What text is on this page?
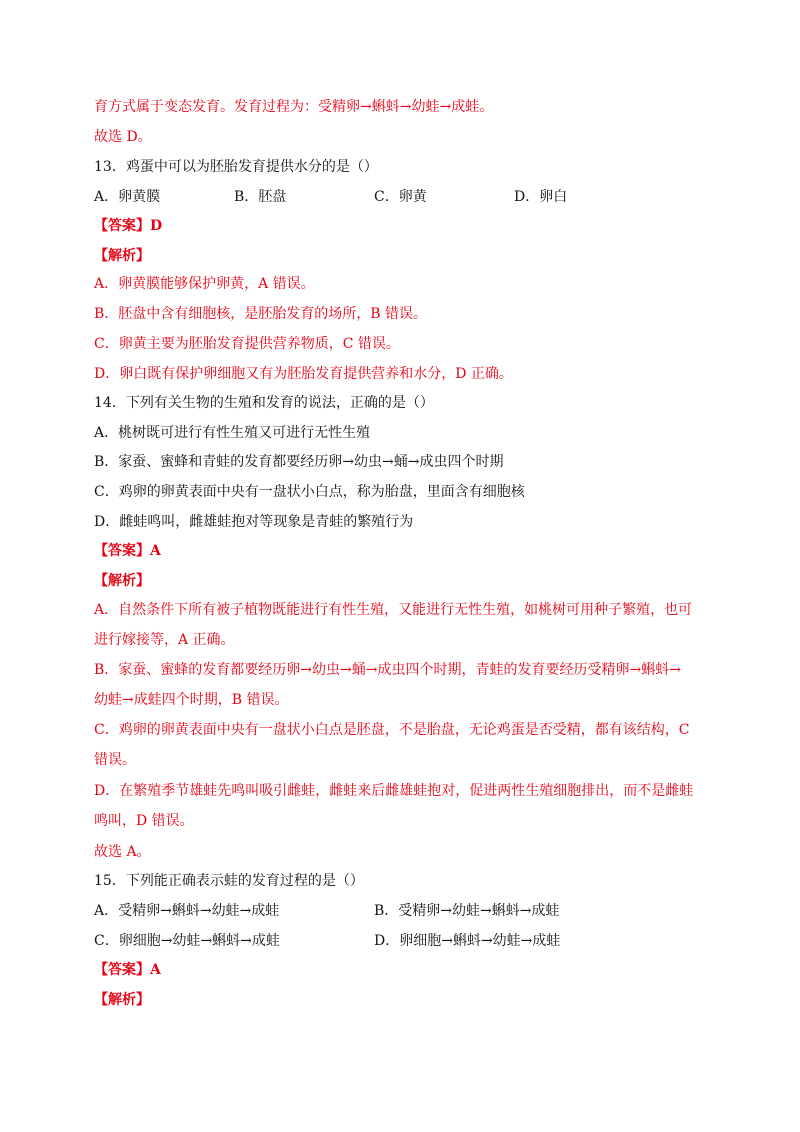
育方式属于变态发育。发育过程为：受精卵→蝌蚪→幼蛙→成蛙。
故选 D。
13．鸡蛋中可以为胚胎发育提供水分的是（）
A．卵黄膜	B．胚盘	C．卵黄	D．卵白
【答案】D
【解析】
A．卵黄膜能够保护卵黄，A 错误。
B．胚盘中含有细胞核，是胚胎发育的场所，B 错误。
C．卵黄主要为胚胎发育提供营养物质，C 错误。
D．卵白既有保护卵细胞又有为胚胎发育提供营养和水分，D 正确。
14．下列有关生物的生殖和发育的说法，正确的是（）
A．桃树既可进行有性生殖又可进行无性生殖
B．家蚕、蜜蜂和青蛙的发育都要经历卵→幼虫→蛹→成虫四个时期
C．鸡卵的卵黄表面中央有一盘状小白点，称为胎盘，里面含有细胞核
D．雌蛙鸣叫，雌雄蛙抱对等现象是青蛙的繁殖行为
【答案】A
【解析】
A．自然条件下所有被子植物既能进行有性生殖，又能进行无性生殖，如桃树可用种子繁殖，也可
进行嫁接等，A 正确。
B．家蚕、蜜蜂的发育都要经历卵→幼虫→蛹→成虫四个时期，青蛙的发育要经历受精卵→蝌蚪→
幼蛙→成蛙四个时期，B 错误。
C．鸡卵的卵黄表面中央有一盘状小白点是胚盘，不是胎盘，无论鸡蛋是否受精，都有该结构，C
错误。
D．在繁殖季节雄蛙先鸣叫吸引雌蛙，雌蛙来后雌雄蛙抱对，促进两性生殖细胞排出，而不是雌蛙
鸣叫，D 错误。
故选 A。
15．下列能正确表示蛙的发育过程的是（）
A．受精卵→蝌蚪→幼蛙→成蛙	B．受精卵→幼蛙→蝌蚪→成蛙
C．卵细胞→幼蛙→蝌蚪→成蛙	D．卵细胞→蝌蚪→幼蛙→成蛙
【答案】A
【解析】
